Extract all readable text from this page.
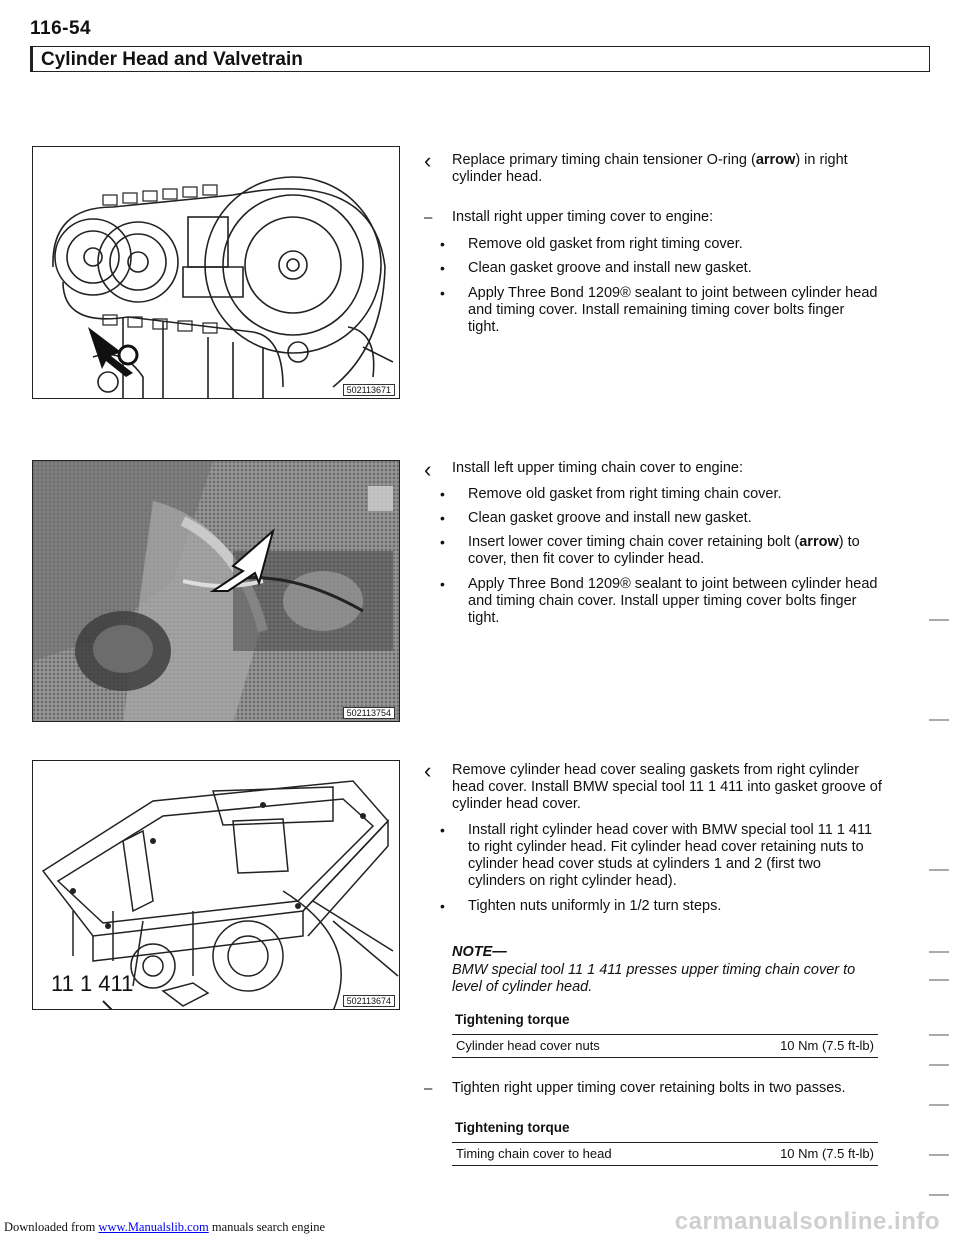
116-54
Cylinder Head and Valvetrain
502113671
502113754
11 1 411
502113674
‹ Replace primary timing chain tensioner O-ring (arrow) in right cylinder head.
– Install right upper timing cover to engine:
• Remove old gasket from right timing cover.
• Clean gasket groove and install new gasket.
• Apply Three Bond 1209® sealant to joint between cylinder head and timing cover. Install remaining timing cover bolts finger tight.
‹ Install left upper timing chain cover to engine:
• Remove old gasket from right timing chain cover.
• Clean gasket groove and install new gasket.
• Insert lower cover timing chain cover retaining bolt (arrow) to cover, then fit cover to cylinder head.
• Apply Three Bond 1209® sealant to joint between cylinder head and timing chain cover. Install upper timing cover bolts finger tight.
‹ Remove cylinder head cover sealing gaskets from right cylinder head cover. Install BMW special tool 11 1 411 into gasket groove of cylinder head cover.
• Install right cylinder head cover with BMW special tool 11 1 411 to right cylinder head. Fit cylinder head cover retaining nuts to cylinder head cover studs at cylinders 1 and 2 (first two cylinders on right cylinder head).
• Tighten nuts uniformly in 1/2 turn steps.
NOTE—
BMW special tool 11 1 411 presses upper timing chain cover to level of cylinder head.
Tightening torque
Cylinder head cover nuts	10 Nm (7.5 ft-lb)
– Tighten right upper timing cover retaining bolts in two passes.
Tightening torque
Timing chain cover to head	10 Nm (7.5 ft-lb)
Downloaded from www.Manualslib.com manuals search engine	carmanualsonline.info
